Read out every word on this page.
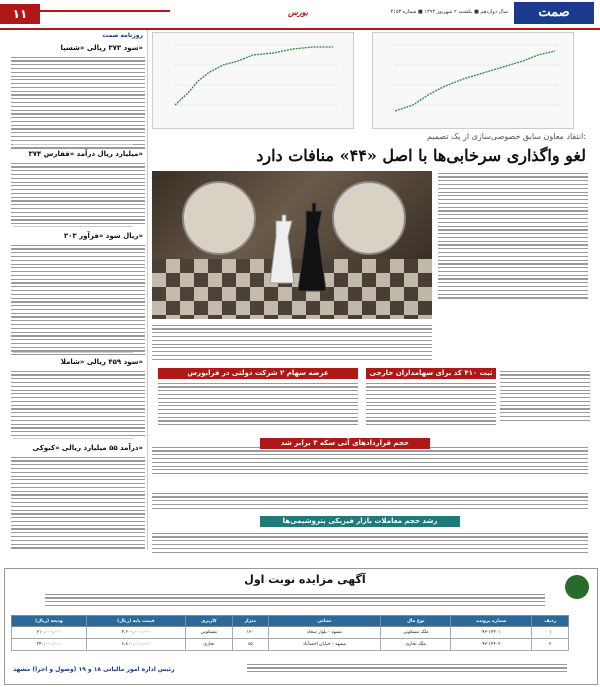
۱۱	بورس	سال دوازدهم ■ یکشنبه ۲ شهریور ۱۳۹۳ ■ شماره ۳۱۵۳	صمت
روزنامه صمت
سود ۳۷۳ ریالی «شسپا»
۳۷۴ میلیارد ریال درآمد «ففارس»
۳۰۳ ریال سود «فرآور»
سود ۴۵۹ ریالی «شاملا»
درآمد ۵۵ میلیارد ریالی «کبوکی»
انتقاد معاون سابق خصوصی‌سازی از یک تصمیم:
لغو واگذاری سرخابی‌ها با اصل «۴۴» منافات دارد
ثبت ۴۱۰ کد برای سهامداران خارجی
عرضه سهام ۲ شرکت دولتی در فرابورس
حجم قراردادهای آتی سکه ۳ برابر شد
رشد حجم معاملات بازار فیزیکی پتروشیمی‌ها
آگهی مزایده نوبت اول
ودیعه (ریال)	قیمت پایه (ریال)	کاربری	متراژ	نشانی	نوع مال	شماره پرونده	ردیف
۲۱۰,۰۰۰,۰۰۰	۴,۲۰۰,۰۰۰,۰۰۰	مسکونی	۱۲۰	مشهد - بلوار سجاد	ملک مسکونی	۹۲-۱۴۴۰۱	۱
۳۴۰,۰۰۰,۰۰۰	۶,۸۰۰,۰۰۰,۰۰۰	تجاری	۸۵	مشهد - خیابان احمدآباد	ملک تجاری	۹۲-۱۴۴۰۲	۲
رئیس اداره امور مالیاتی ۱۸ و ۱۹ (وصول و اجرا) مشهد
